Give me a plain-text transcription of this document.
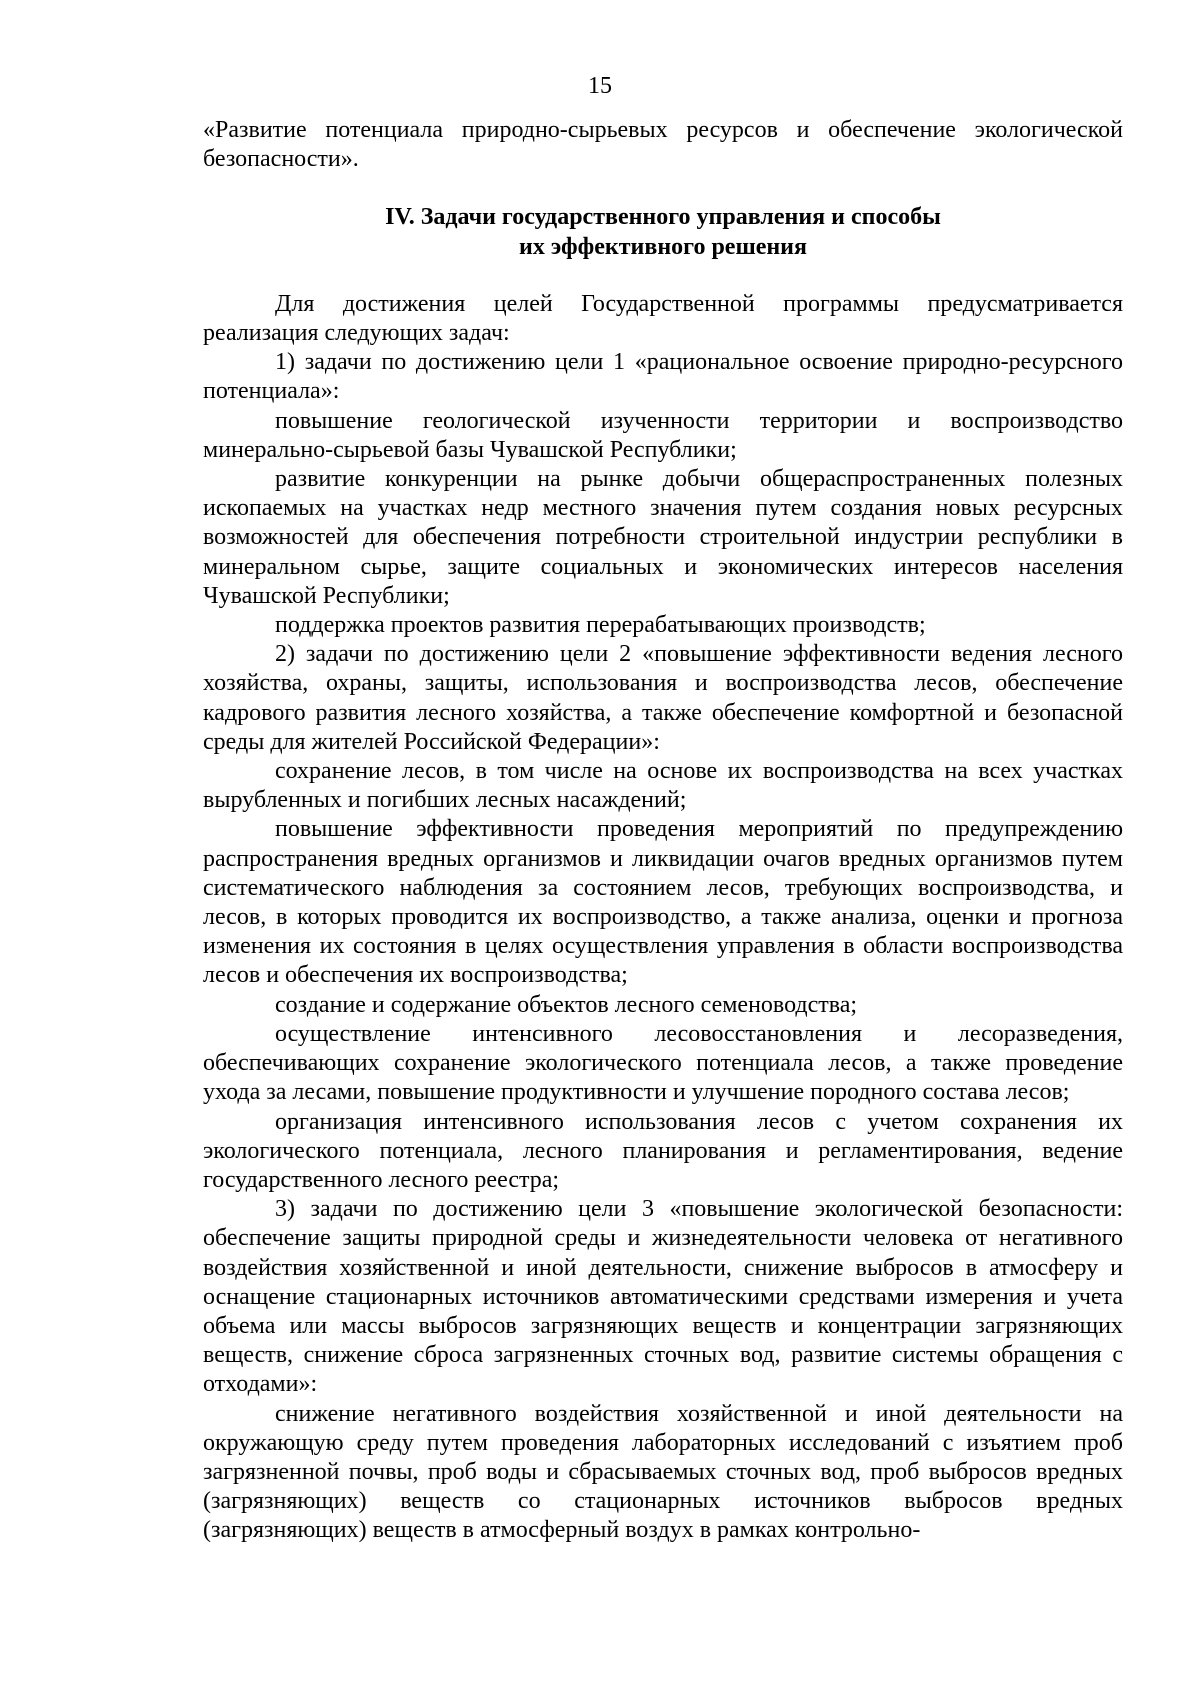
15

«Развитие потенциала природно-сырьевых ресурсов и обеспечение экологической безопасности».

IV. Задачи государственного управления и способы
их эффективного решения

Для достижения целей Государственной программы предусматривается реализация следующих задач:

1) задачи по достижению цели 1 «рациональное освоение природно-ресурсного потенциала»:

повышение геологической изученности территории и воспроизводство минерально-сырьевой базы Чувашской Республики;

развитие конкуренции на рынке добычи общераспространенных полезных ископаемых на участках недр местного значения путем создания новых ресурсных возможностей для обеспечения потребности строительной индустрии республики в минеральном сырье, защите социальных и экономических интересов населения Чувашской Республики;

поддержка проектов развития перерабатывающих производств;

2) задачи по достижению цели 2 «повышение эффективности ведения лесного хозяйства, охраны, защиты, использования и воспроизводства лесов, обеспечение кадрового развития лесного хозяйства, а также обеспечение комфортной и безопасной среды для жителей Российской Федерации»:

сохранение лесов, в том числе на основе их воспроизводства на всех участках вырубленных и погибших лесных насаждений;

повышение эффективности проведения мероприятий по предупреждению распространения вредных организмов и ликвидации очагов вредных организмов путем систематического наблюдения за состоянием лесов, требующих воспроизводства, и лесов, в которых проводится их воспроизводство, а также анализа, оценки и прогноза изменения их состояния в целях осуществления управления в области воспроизводства лесов и обеспечения их воспроизводства;

создание и содержание объектов лесного семеноводства;

осуществление интенсивного лесовосстановления и лесоразведения, обеспечивающих сохранение экологического потенциала лесов, а также проведение ухода за лесами, повышение продуктивности и улучшение породного состава лесов;

организация интенсивного использования лесов с учетом сохранения их экологического потенциала, лесного планирования и регламентирования, ведение государственного лесного реестра;

3) задачи по достижению цели 3 «повышение экологической безопасности: обеспечение защиты природной среды и жизнедеятельности человека от негативного воздействия хозяйственной и иной деятельности, снижение выбросов в атмосферу и оснащение стационарных источников автоматическими средствами измерения и учета объема или массы выбросов загрязняющих веществ и концентрации загрязняющих веществ, снижение сброса загрязненных сточных вод, развитие системы обращения с отходами»:

снижение негативного воздействия хозяйственной и иной деятельности на окружающую среду путем проведения лабораторных исследований с изъятием проб загрязненной почвы, проб воды и сбрасываемых сточных вод, проб выбросов вредных (загрязняющих) веществ со стационарных источников выбросов вредных (загрязняющих) веществ в атмосферный воздух в рамках контрольно-
